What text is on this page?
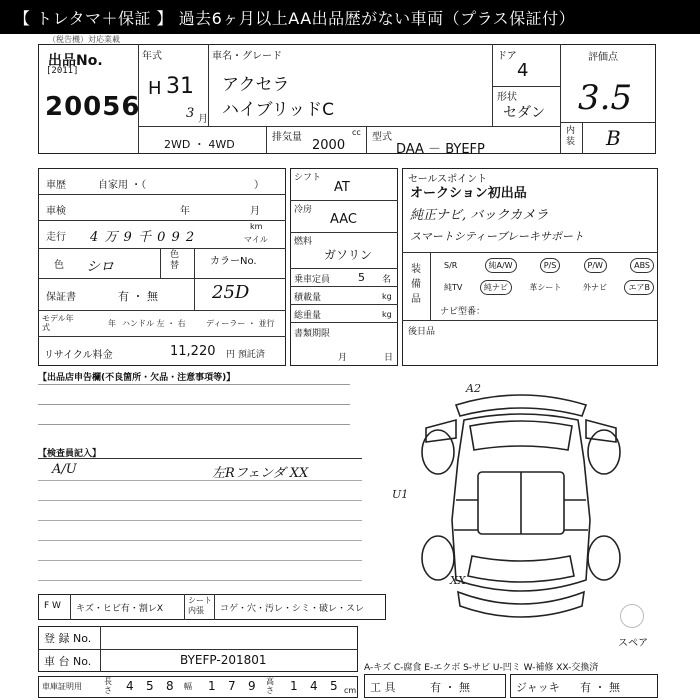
【 トレタマ＋保証 】 過去6ヶ月以上AA出品歴がない車両（プラス保証付）
（税告機）対応業載
出品No.
[2011]
20056
年式
H 31
3 月
車名・グレード
アクセラ
ハイブリッドC
ドア
4
形状
セダン
評価点
3.5
内装 B
2WD ・ 4WD
排気量
2000
cc 型式
DAA － BYEFP
車歴	自家用 ・（	）
車検	年	月
走行 4 万 9 千 0 9 2
km
マイル
色 シロ
色替	カラーNo.
保証書	有 ・ 無	25D
モデル年式	年 ハンドル 左 ・ 右	ディーラー ・ 並行
リサイクル料金	11,220 円 預託済
シフト
AT
冷房
AAC
燃料
ガソリン
乗車定員	5 名
積載量	kg
総重量	kg
書類期限
月	日
セールスポイント
オークション初出品
純正ナビ, バックカメラ
スマートシティーブレーキサポート
装備品
S/R	純A/W	P/S	P/W	ABS
純TV	純ナビ	革シート	外ナビ	エアB
ナビ型番：
後日品
【出品店申告欄(不良箇所・欠品・注意事項等)】
【検査員記入】
A/U	左Rフェンダ XX
A2
U1
XX
スペア
F W キズ・ヒビ有・割レX
シート内張	コゲ・穴・汚レ・シミ・破レ・スレ
登 録 No.
車 台 No.	BYEFP-201801
A-キズ C-腐食 E-エクボ S-サビ U-凹ミ W-補修 XX-交換済
車庫証明用
長さ 4 5 8 幅 1 7 9 高さ 1 4 5 cm 工 具	有 ・ 無	ジャッキ 有 ・ 無
